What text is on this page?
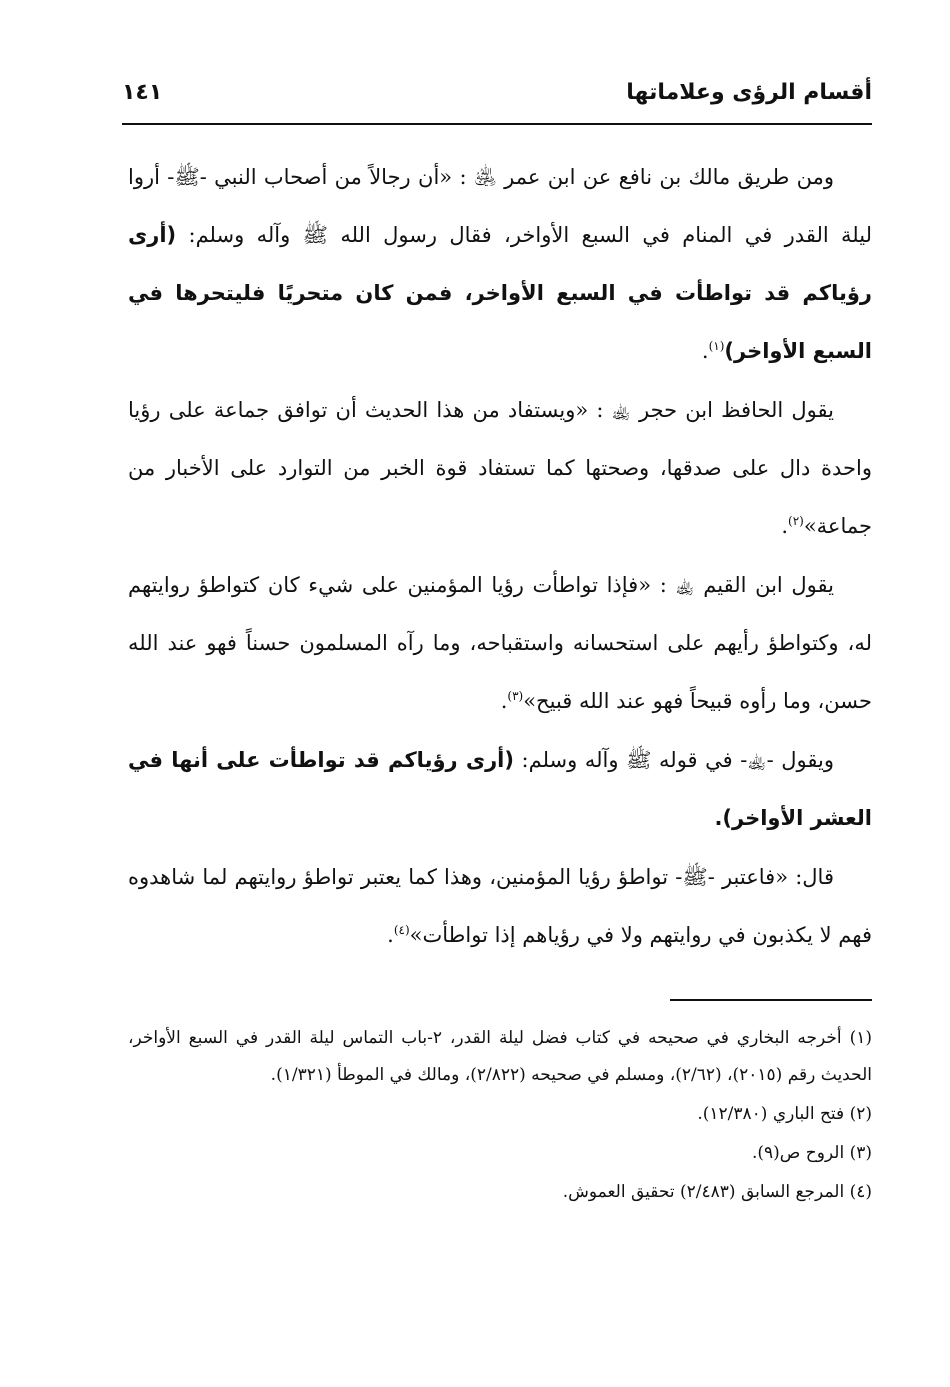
أقسام الرؤى وعلاماتها
١٤١

ومن طريق مالك بن نافع عن ابن عمر ﵁ : «أن رجالاً من أصحاب النبي -ﷺ- أروا ليلة القدر في المنام في السبع الأواخر، فقال رسول الله ﷺ وآله وسلم: (أرى رؤياكم قد تواطأت في السبع الأواخر، فمن كان متحريًا فليتحرها في السبع الأواخر)$^{(١)}$.

يقول الحافظ ابن حجر ﵀ : «ويستفاد من هذا الحديث أن توافق جماعة على رؤيا واحدة دال على صدقها، وصحتها كما تستفاد قوة الخبر من التوارد على الأخبار من جماعة»$^{(٢)}$.

يقول ابن القيم ﵀ : «فإذا تواطأت رؤيا المؤمنين على شيء كان كتواطؤ روايتهم له، وكتواطؤ رأيهم على استحسانه واستقباحه، وما رآه المسلمون حسناً فهو عند الله حسن، وما رأوه قبيحاً فهو عند الله قبيح»$^{(٣)}$.

ويقول -﵀- في قوله ﷺ وآله وسلم: (أرى رؤياكم قد تواطأت على أنها في العشر الأواخر).

قال: «فاعتبر -ﷺ- تواطؤ رؤيا المؤمنين، وهذا كما يعتبر تواطؤ روايتهم لما شاهدوه فهم لا يكذبون في روايتهم ولا في رؤياهم إذا تواطأت»$^{(٤)}$.

(١) أخرجه البخاري في صحيحه في كتاب فضل ليلة القدر، ٢-باب التماس ليلة القدر في السبع الأواخر، الحديث رقم (٢٠١٥)، (٢/٦٢)، ومسلم في صحيحه (٢/٨٢٢)، ومالك في الموطأ (١/٣٢١).
(٢) فتح الباري (١٢/٣٨٠).
(٣) الروح ص(٩).
(٤) المرجع السابق (٢/٤٨٣) تحقيق العموش.
